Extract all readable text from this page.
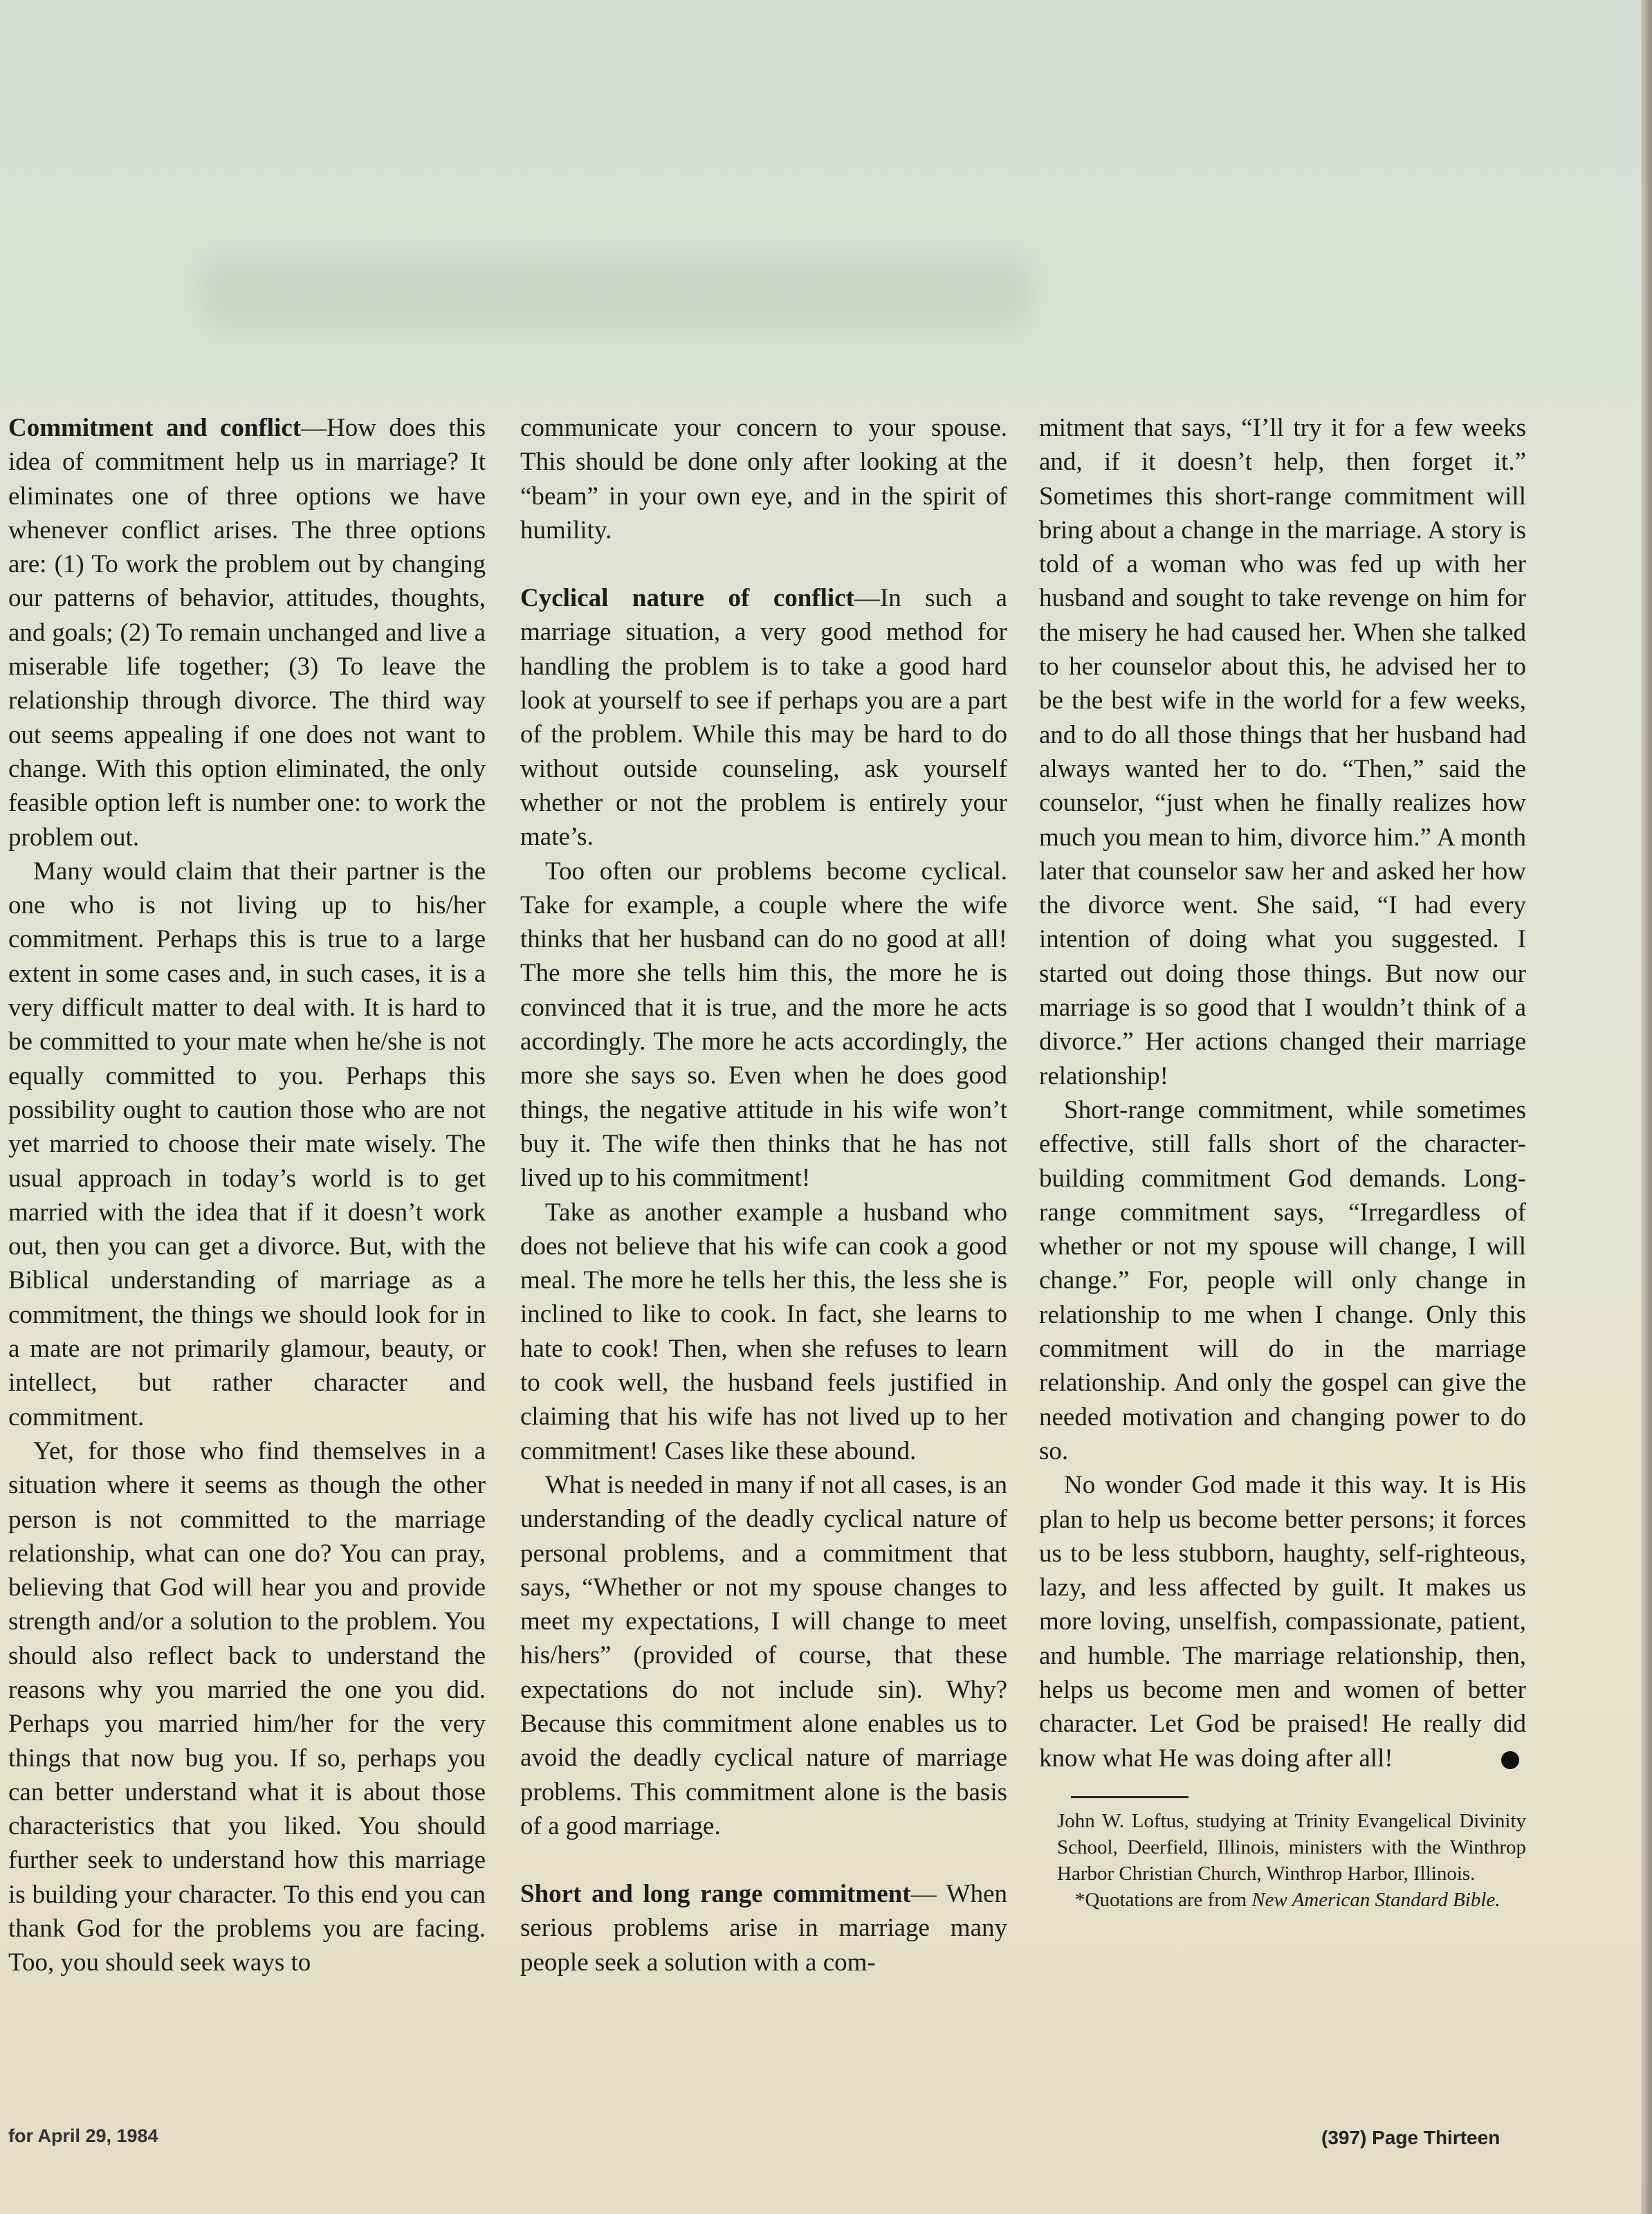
Commitment and conflict—How does this idea of commitment help us in marriage? It eliminates one of three options we have whenever conflict arises. The three options are: (1) To work the problem out by changing our patterns of behavior, attitudes, thoughts, and goals; (2) To remain unchanged and live a miserable life together; (3) To leave the relationship through divorce. The third way out seems appealing if one does not want to change. With this option eliminated, the only feasible option left is number one: to work the problem out.

Many would claim that their partner is the one who is not living up to his/her commitment. Perhaps this is true to a large extent in some cases and, in such cases, it is a very difficult matter to deal with. It is hard to be committed to your mate when he/she is not equally committed to you. Perhaps this possibility ought to caution those who are not yet married to choose their mate wisely. The usual approach in today’s world is to get married with the idea that if it doesn’t work out, then you can get a divorce. But, with the Biblical understanding of marriage as a commitment, the things we should look for in a mate are not primarily glamour, beauty, or intellect, but rather character and commitment.

Yet, for those who find themselves in a situation where it seems as though the other person is not committed to the marriage relationship, what can one do? You can pray, believing that God will hear you and provide strength and/or a solution to the problem. You should also reflect back to understand the reasons why you married the one you did. Perhaps you married him/her for the very things that now bug you. If so, perhaps you can better understand what it is about those characteristics that you liked. You should further seek to understand how this marriage is building your character. To this end you can thank God for the problems you are facing. Too, you should seek ways to

communicate your concern to your spouse. This should be done only after looking at the “beam” in your own eye, and in the spirit of humility.

Cyclical nature of conflict—In such a marriage situation, a very good method for handling the problem is to take a good hard look at yourself to see if perhaps you are a part of the problem. While this may be hard to do without outside counseling, ask yourself whether or not the problem is entirely your mate’s.

Too often our problems become cyclical. Take for example, a couple where the wife thinks that her husband can do no good at all! The more she tells him this, the more he is convinced that it is true, and the more he acts accordingly. The more he acts accordingly, the more she says so. Even when he does good things, the negative attitude in his wife won’t buy it. The wife then thinks that he has not lived up to his commitment!

Take as another example a husband who does not believe that his wife can cook a good meal. The more he tells her this, the less she is inclined to like to cook. In fact, she learns to hate to cook! Then, when she refuses to learn to cook well, the husband feels justified in claiming that his wife has not lived up to her commitment! Cases like these abound.

What is needed in many if not all cases, is an understanding of the deadly cyclical nature of personal problems, and a commitment that says, “Whether or not my spouse changes to meet my expectations, I will change to meet his/hers” (provided of course, that these expectations do not include sin). Why? Because this commitment alone enables us to avoid the deadly cyclical nature of marriage problems. This commitment alone is the basis of a good marriage.

Short and long range commitment— When serious problems arise in marriage many people seek a solution with a com-

mitment that says, “I’ll try it for a few weeks and, if it doesn’t help, then forget it.” Sometimes this short-range commitment will bring about a change in the marriage. A story is told of a woman who was fed up with her husband and sought to take revenge on him for the misery he had caused her. When she talked to her counselor about this, he advised her to be the best wife in the world for a few weeks, and to do all those things that her husband had always wanted her to do. “Then,” said the counselor, “just when he finally realizes how much you mean to him, divorce him.” A month later that counselor saw her and asked her how the divorce went. She said, “I had every intention of doing what you suggested. I started out doing those things. But now our marriage is so good that I wouldn’t think of a divorce.” Her actions changed their marriage relationship!

Short-range commitment, while sometimes effective, still falls short of the character-building commitment God demands. Long-range commitment says, “Irregardless of whether or not my spouse will change, I will change.” For, people will only change in relationship to me when I change. Only this commitment will do in the marriage relationship. And only the gospel can give the needed motivation and changing power to do so.

No wonder God made it this way. It is His plan to help us become better persons; it forces us to be less stubborn, haughty, self-righteous, lazy, and less affected by guilt. It makes us more loving, unselfish, compassionate, patient, and humble. The marriage relationship, then, helps us become men and women of better character. Let God be praised! He really did know what He was doing after all!

John W. Loftus, studying at Trinity Evangelical Divinity School, Deerfield, Illinois, ministers with the Winthrop Harbor Christian Church, Winthrop Harbor, Illinois.

*Quotations are from New American Standard Bible.

for April 29, 1984	(397) Page Thirteen
